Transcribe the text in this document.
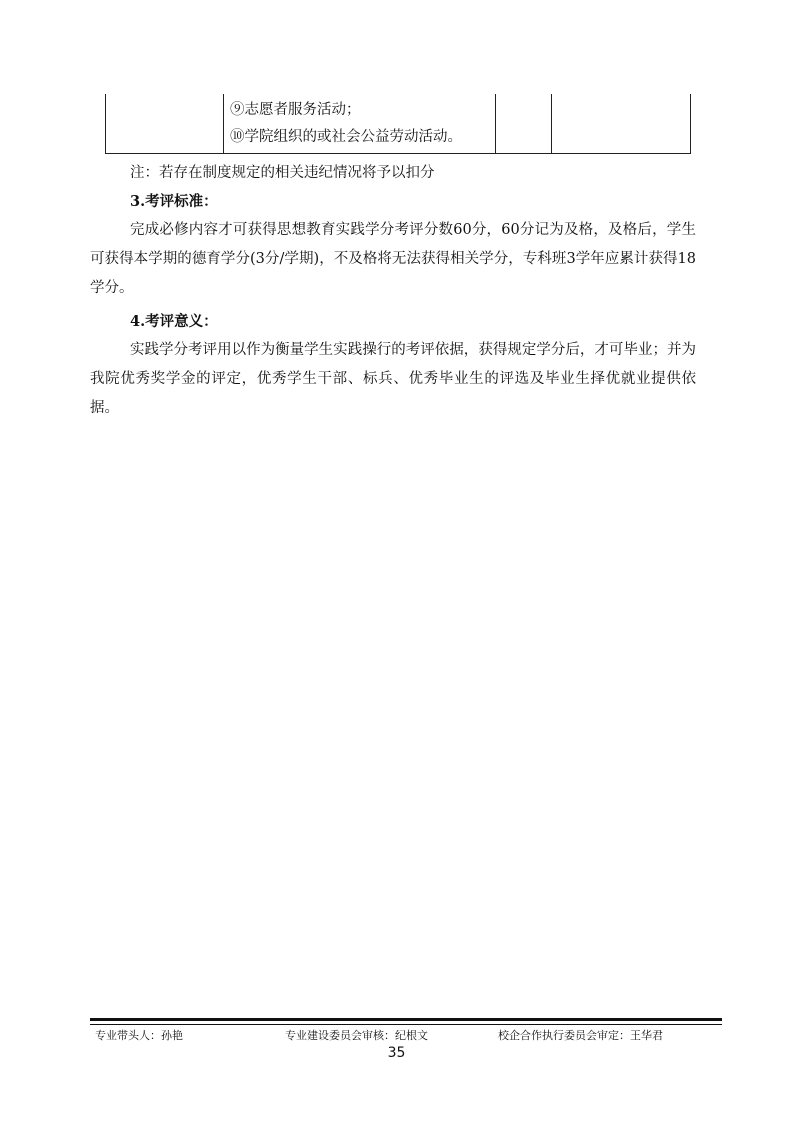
⑨志愿者服务活动；
⑩学院组织的或社会公益劳动活动。
注：若存在制度规定的相关违纪情况将予以扣分
3.考评标准：
完成必修内容才可获得思想教育实践学分考评分数60分，60分记为及格，及格后，学生可获得本学期的德育学分(3分/学期)，不及格将无法获得相关学分，专科班3学年应累计获得18学分。
4.考评意义：
实践学分考评用以作为衡量学生实践操行的考评依据，获得规定学分后，才可毕业；并为我院优秀奖学金的评定，优秀学生干部、标兵、优秀毕业生的评选及毕业生择优就业提供依据。
专业带头人：孙艳	专业建设委员会审核：纪根文	校企合作执行委员会审定：王华君
35
